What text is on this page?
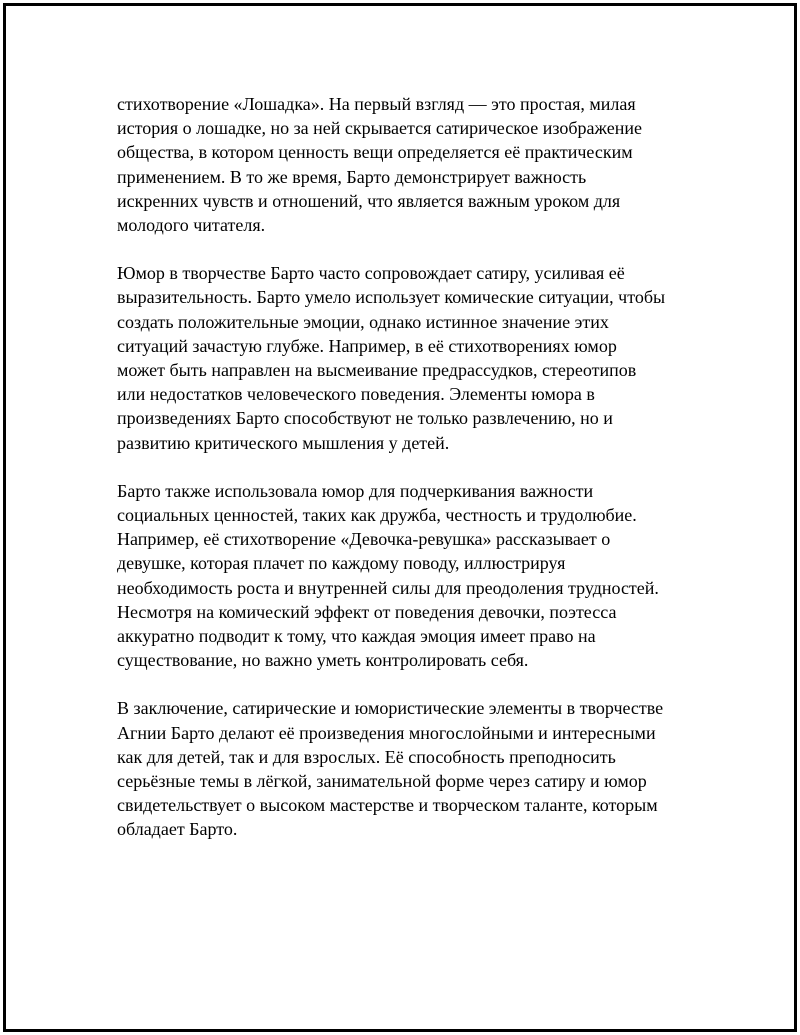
стихотворение «Лошадка». На первый взгляд — это простая, милая
история о лошадке, но за ней скрывается сатирическое изображение
общества, в котором ценность вещи определяется её практическим
применением. В то же время, Барто демонстрирует важность
искренних чувств и отношений, что является важным уроком для
молодого читателя.

Юмор в творчестве Барто часто сопровождает сатиру, усиливая её
выразительность. Барто умело использует комические ситуации, чтобы
создать положительные эмоции, однако истинное значение этих
ситуаций зачастую глубже. Например, в её стихотворениях юмор
может быть направлен на высмеивание предрассудков, стереотипов
или недостатков человеческого поведения. Элементы юмора в
произведениях Барто способствуют не только развлечению, но и
развитию критического мышления у детей.

Барто также использовала юмор для подчеркивания важности
социальных ценностей, таких как дружба, честность и трудолюбие.
Например, её стихотворение «Девочка-ревушка» рассказывает о
девушке, которая плачет по каждому поводу, иллюстрируя
необходимость роста и внутренней силы для преодоления трудностей.
Несмотря на комический эффект от поведения девочки, поэтесса
аккуратно подводит к тому, что каждая эмоция имеет право на
существование, но важно уметь контролировать себя.

В заключение, сатирические и юмористические элементы в творчестве
Агнии Барто делают её произведения многослойными и интересными
как для детей, так и для взрослых. Её способность преподносить
серьёзные темы в лёгкой, занимательной форме через сатиру и юмор
свидетельствует о высоком мастерстве и творческом таланте, которым
обладает Барто.
